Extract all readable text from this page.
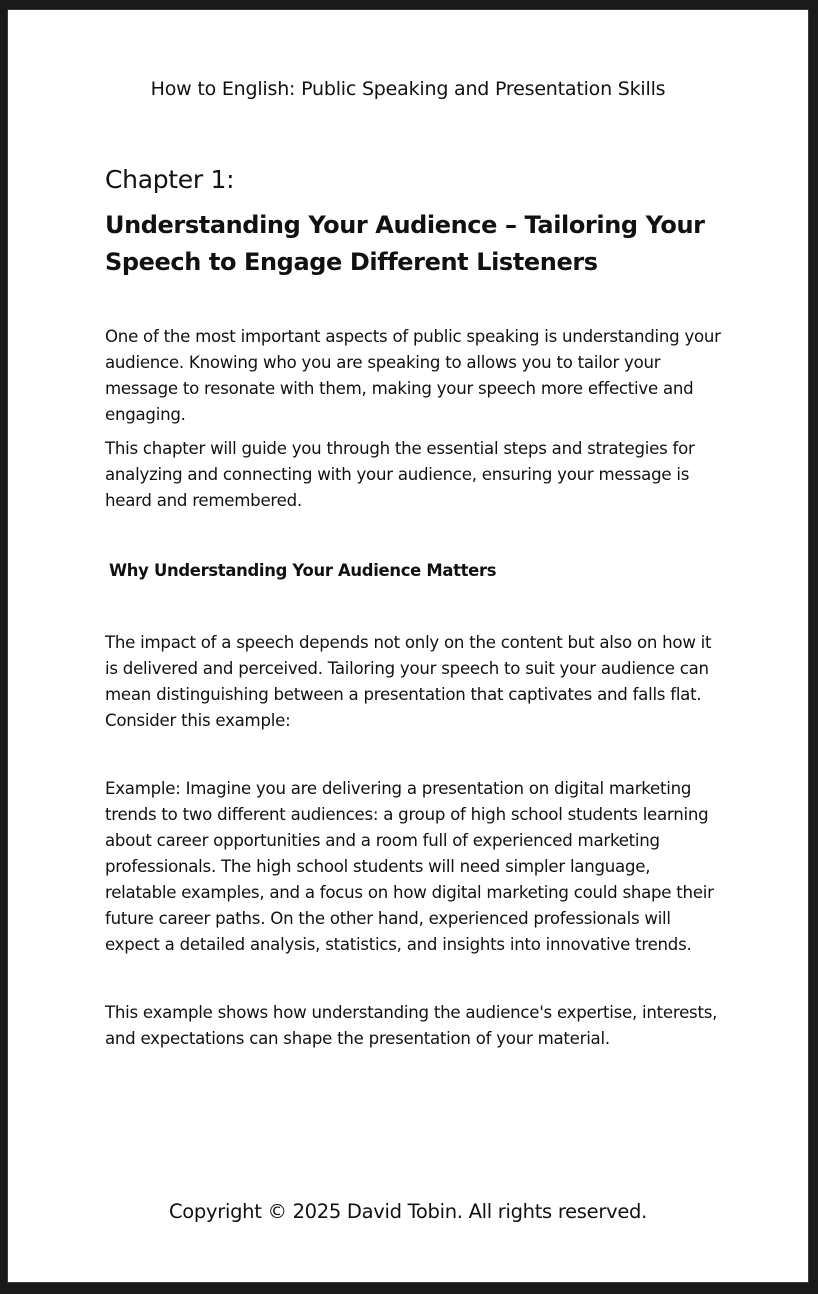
How to English: Public Speaking and Presentation Skills
Chapter 1:
Understanding Your Audience – Tailoring Your Speech to Engage Different Listeners

One of the most important aspects of public speaking is understanding your audience. Knowing who you are speaking to allows you to tailor your message to resonate with them, making your speech more effective and engaging.

This chapter will guide you through the essential steps and strategies for analyzing and connecting with your audience, ensuring your message is heard and remembered.

Why Understanding Your Audience Matters

The impact of a speech depends not only on the content but also on how it is delivered and perceived. Tailoring your speech to suit your audience can mean distinguishing between a presentation that captivates and falls flat. Consider this example:

Example: Imagine you are delivering a presentation on digital marketing trends to two different audiences: a group of high school students learning about career opportunities and a room full of experienced marketing professionals. The high school students will need simpler language, relatable examples, and a focus on how digital marketing could shape their future career paths. On the other hand, experienced professionals will expect a detailed analysis, statistics, and insights into innovative trends.

This example shows how understanding the audience's expertise, interests, and expectations can shape the presentation of your material.

Copyright © 2025 David Tobin. All rights reserved.
